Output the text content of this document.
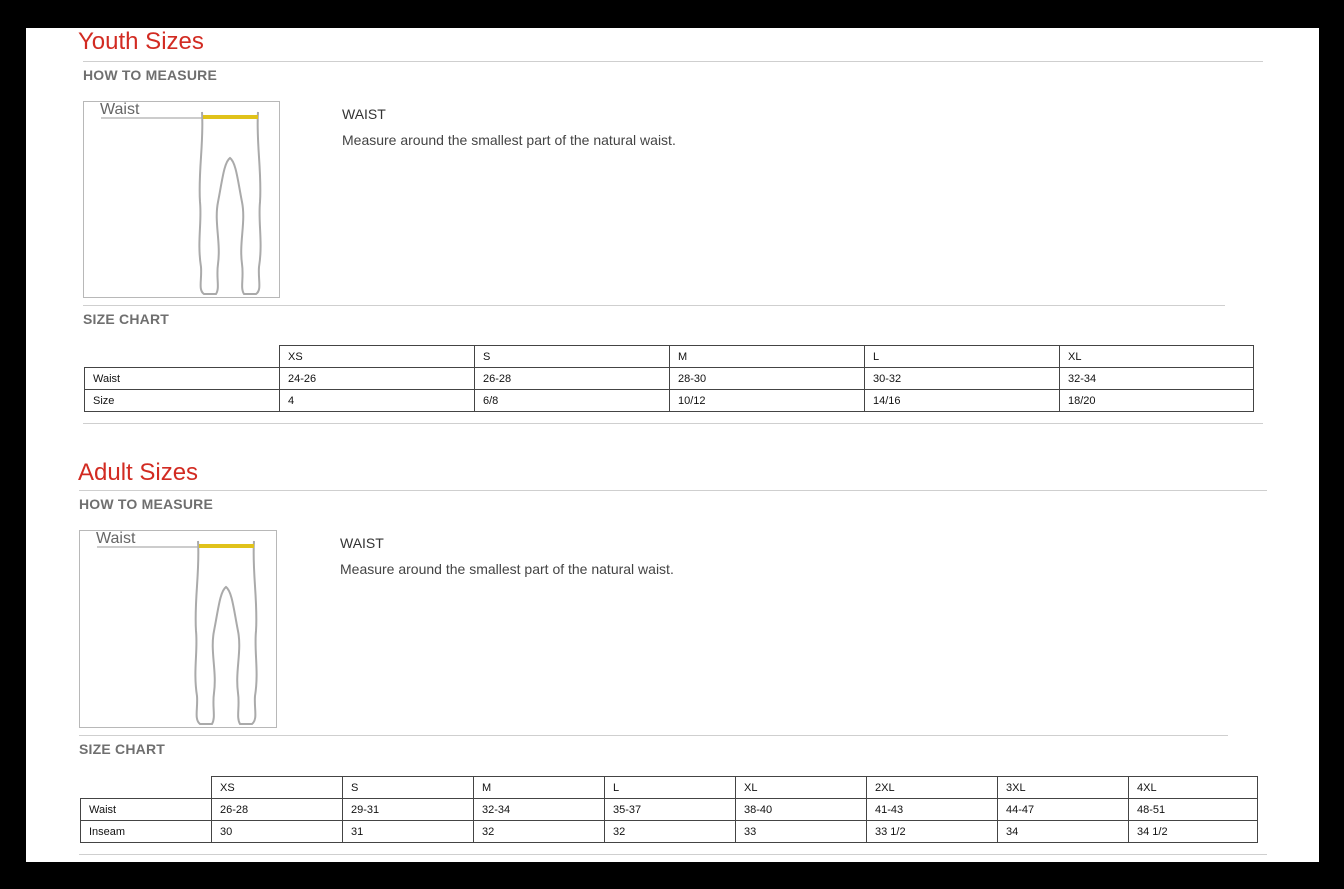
Youth Sizes
HOW TO MEASURE
Waist	WAIST
Measure around the smallest part of the natural waist.
SIZE CHART
	XS	S	M	L	XL
Waist	24-26	26-28	28-30	30-32	32-34
Size	4	6/8	10/12	14/16	18/20
Adult Sizes
HOW TO MEASURE
Waist	WAIST
Measure around the smallest part of the natural waist.
SIZE CHART
	XS	S	M	L	XL	2XL	3XL	4XL
Waist	26-28	29-31	32-34	35-37	38-40	41-43	44-47	48-51
Inseam	30	31	32	32	33	33 1/2	34	34 1/2
